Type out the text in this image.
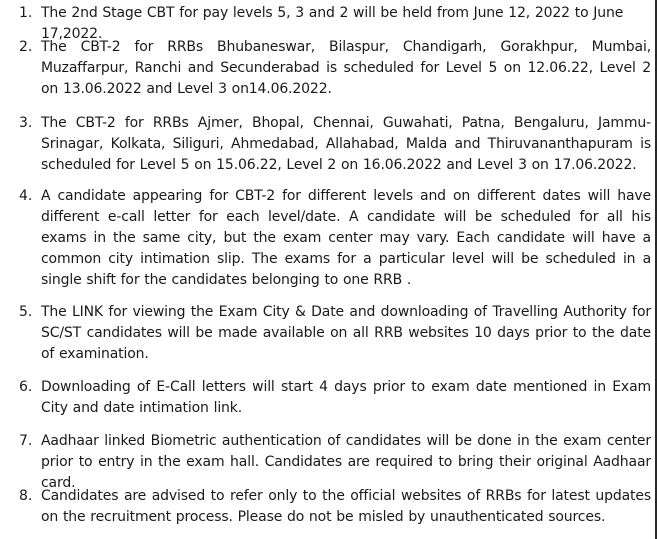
1. The 2nd Stage CBT for pay levels 5, 3 and 2 will be held from June 12, 2022 to June 17,2022.
2. The CBT-2 for RRBs Bhubaneswar, Bilaspur, Chandigarh, Gorakhpur, Mumbai, Muzaffarpur, Ranchi and Secunderabad is scheduled for Level 5 on 12.06.22, Level 2 on 13.06.2022 and Level 3 on14.06.2022.
3. The CBT-2 for RRBs Ajmer, Bhopal, Chennai, Guwahati, Patna, Bengaluru, Jammu-Srinagar, Kolkata, Siliguri, Ahmedabad, Allahabad, Malda and Thiruvananthapuram is scheduled for Level 5 on 15.06.22, Level 2 on 16.06.2022 and Level 3 on 17.06.2022.
4. A candidate appearing for CBT-2 for different levels and on different dates will have different e-call letter for each level/date. A candidate will be scheduled for all his exams in the same city, but the exam center may vary. Each candidate will have a common city intimation slip. The exams for a particular level will be scheduled in a single shift for the candidates belonging to one RRB .
5. The LINK for viewing the Exam City & Date and downloading of Travelling Authority for SC/ST candidates will be made available on all RRB websites 10 days prior to the date of examination.
6. Downloading of E-Call letters will start 4 days prior to exam date mentioned in Exam City and date intimation link.
7. Aadhaar linked Biometric authentication of candidates will be done in the exam center prior to entry in the exam hall. Candidates are required to bring their original Aadhaar card.
8. Candidates are advised to refer only to the official websites of RRBs for latest updates on the recruitment process. Please do not be misled by unauthenticated sources.
